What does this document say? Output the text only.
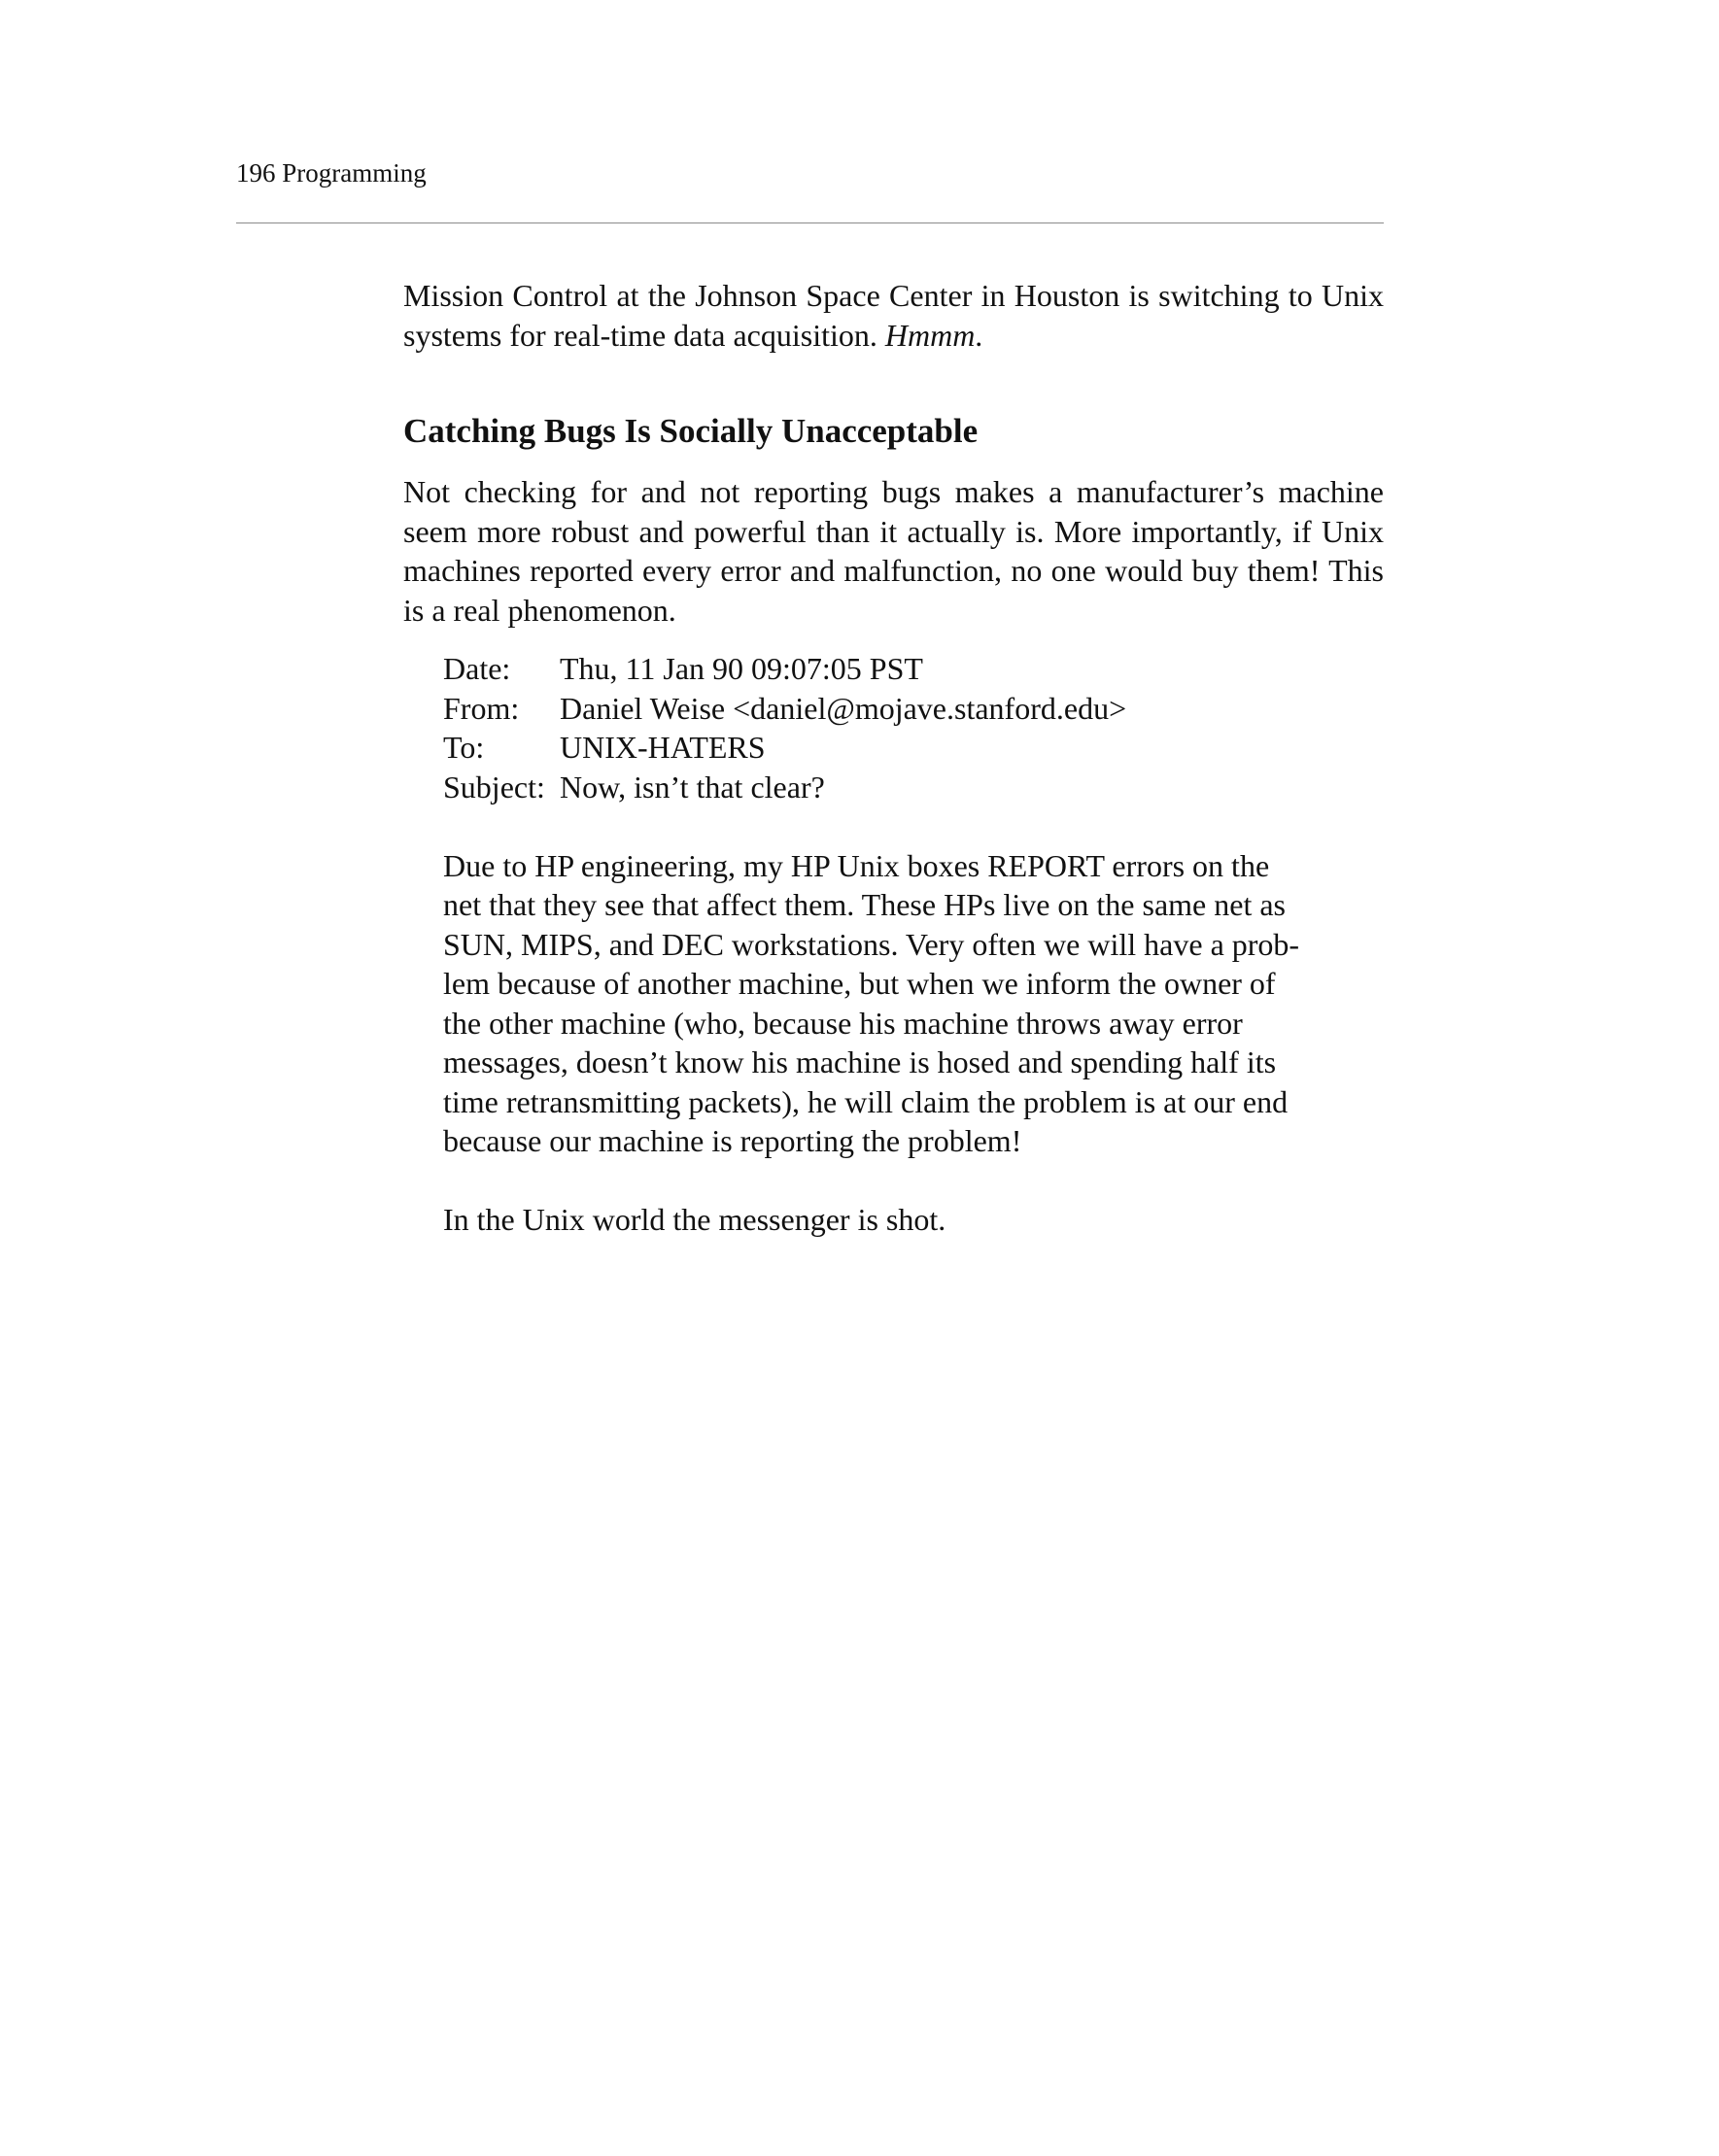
196 Programming

Mission Control at the Johnson Space Center in Houston is switching to Unix systems for real-time data acquisition. Hmmm.

Catching Bugs Is Socially Unacceptable

Not checking for and not reporting bugs makes a manufacturer’s machine seem more robust and powerful than it actually is. More importantly, if Unix machines reported every error and malfunction, no one would buy them! This is a real phenomenon.

Date:	Thu, 11 Jan 90 09:07:05 PST
From:	Daniel Weise <daniel@mojave.stanford.edu>
To:	UNIX-HATERS
Subject: Now, isn’t that clear?
Due to HP engineering, my HP Unix boxes REPORT errors on the
net that they see that affect them. These HPs live on the same net as
SUN, MIPS, and DEC workstations. Very often we will have a prob-
lem because of another machine, but when we inform the owner of
the other machine (who, because his machine throws away error
messages, doesn’t know his machine is hosed and spending half its
time retransmitting packets), he will claim the problem is at our end
because our machine is reporting the problem!
In the Unix world the messenger is shot.
